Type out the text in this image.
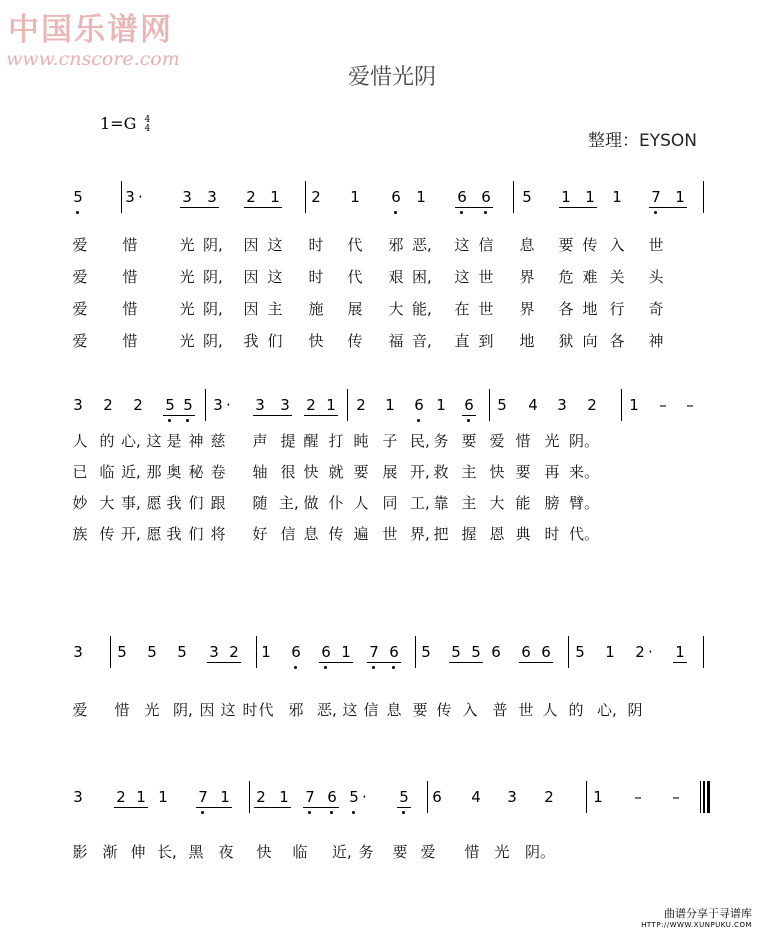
中国乐谱网
www.cnscore.com
爱惜光阴
1=G 4
4
整理：EYSON
5	3 ·	3 3 2 1 2 1 6 1 6 6 5 1 1 1 7 1
爱 惜	光 阴,	因 这 时 代 邪 恶,	这 信 息 要 传 入 世
爱 惜	光 阴,	因 这 时 代 艰 困,	这 世 界 危 难 关 头
爱 惜	光 阴,	因 主 施 展 大 能,	在 世 界 各 地 行 奇
爱 惜	光 阴,	我 们 快 传 福 音,	直 到 地 狱 向 各 神
3 2 2 5 5 3 · 3 3 2 1 2 1 6 1 6 5 4 3 2 1 – –
人 的 心, 这 是 神 慈 声 提 醒 打 盹 子 民, 务 要 爱 惜 光 阴。
已 临 近, 那 奥 秘 卷 轴 很 快 就 要 展 开, 救 主 快 要 再 来。
妙 大 事, 愿 我 们 跟 随 主, 做 仆 人 同 工, 靠 主 大 能 膀 臂。
族 传 开, 愿 我 们 将 好 信 息 传 遍 世 界, 把 握 恩 典 时 代。
3 5 5 5 3 2 1 6 6 1 7 6 5 5 5 6 6 6 5 1 2 · 1
爱 惜 光 阴, 因 这 时 代 邪 恶, 这 信 息 要 传 入 普 世 人 的 心, 阴
3 2 1 1 7 1 2 1 7 6 5 · 5 6 4 3 2	1 – –
影 渐 伸 长, 黑 夜 快 临 近, 务 要 爱 惜 光 阴。
曲谱分享于寻谱库
HTTP://WWW.XUNPUKU.COM
